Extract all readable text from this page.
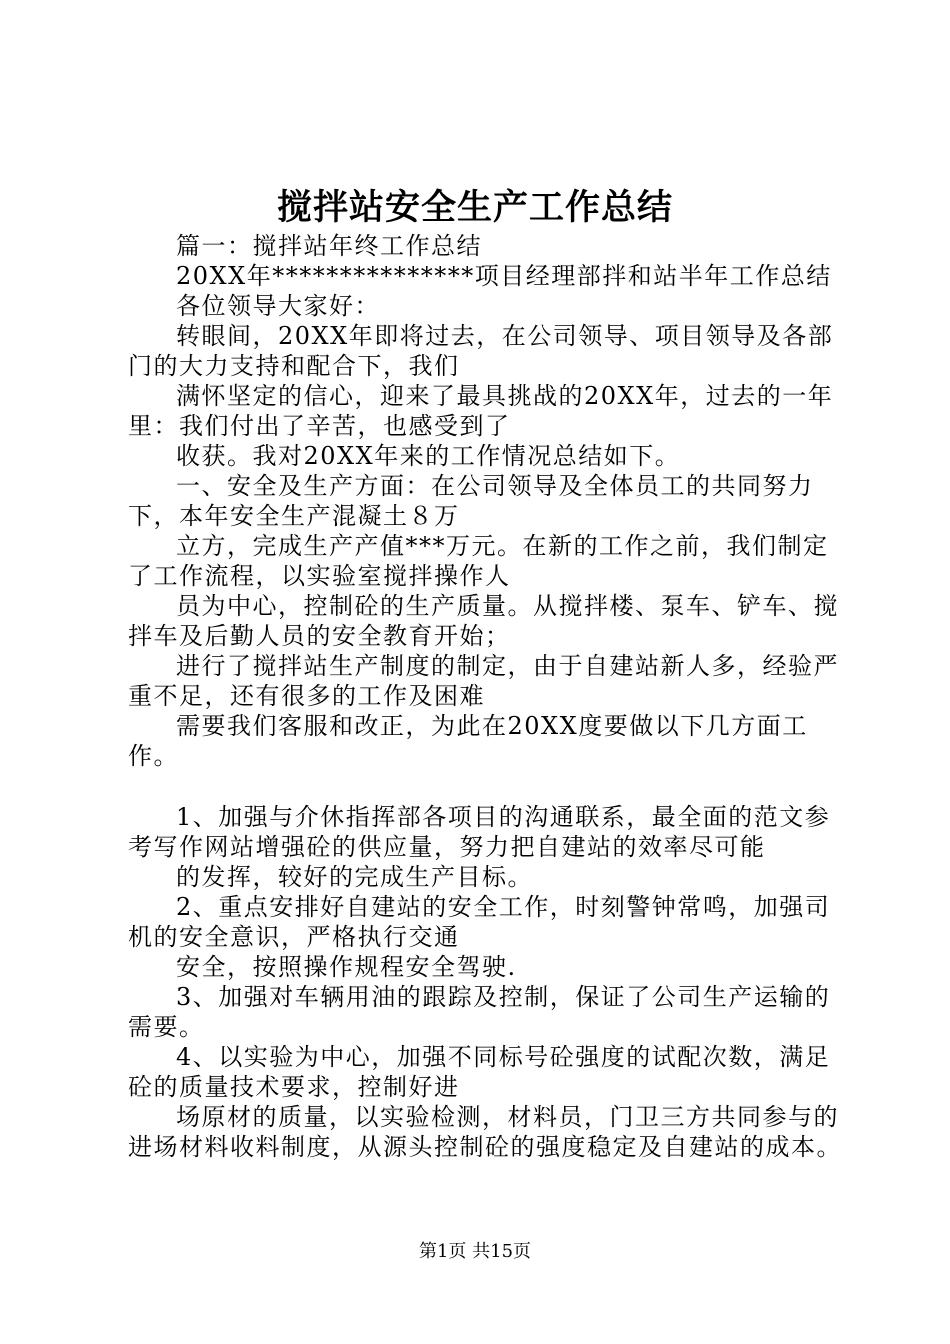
搅拌站安全生产工作总结

篇一：搅拌站年终工作总结

20XX年***************项目经理部拌和站半年工作总结

各位领导大家好：

转眼间，20XX年即将过去，在公司领导、项目领导及各部门的大力支持和配合下，我们

满怀坚定的信心，迎来了最具挑战的20XX年，过去的一年里：我们付出了辛苦，也感受到了

收获。我对20XX年来的工作情况总结如下。

一、安全及生产方面：在公司领导及全体员工的共同努力下，本年安全生产混凝土８万

立方，完成生产产值***万元。在新的工作之前，我们制定了工作流程，以实验室搅拌操作人

员为中心，控制砼的生产质量。从搅拌楼、泵车、铲车、搅拌车及后勤人员的安全教育开始；

进行了搅拌站生产制度的制定，由于自建站新人多，经验严重不足，还有很多的工作及困难

需要我们客服和改正，为此在20XX度要做以下几方面工作。

1、加强与介休指挥部各项目的沟通联系，最全面的范文参考写作网站增强砼的供应量，努力把自建站的效率尽可能

的发挥，较好的完成生产目标。

2、重点安排好自建站的安全工作，时刻警钟常鸣，加强司机的安全意识，严格执行交通

安全，按照操作规程安全驾驶.

3、加强对车辆用油的跟踪及控制，保证了公司生产运输的需要。

4、以实验为中心，加强不同标号砼强度的试配次数，满足砼的质量技术要求，控制好进

场原材的质量，以实验检测，材料员，门卫三方共同参与的进场材料收料制度，从源头控制砼的强度稳定及自建站的成本。

第1页 共15页
